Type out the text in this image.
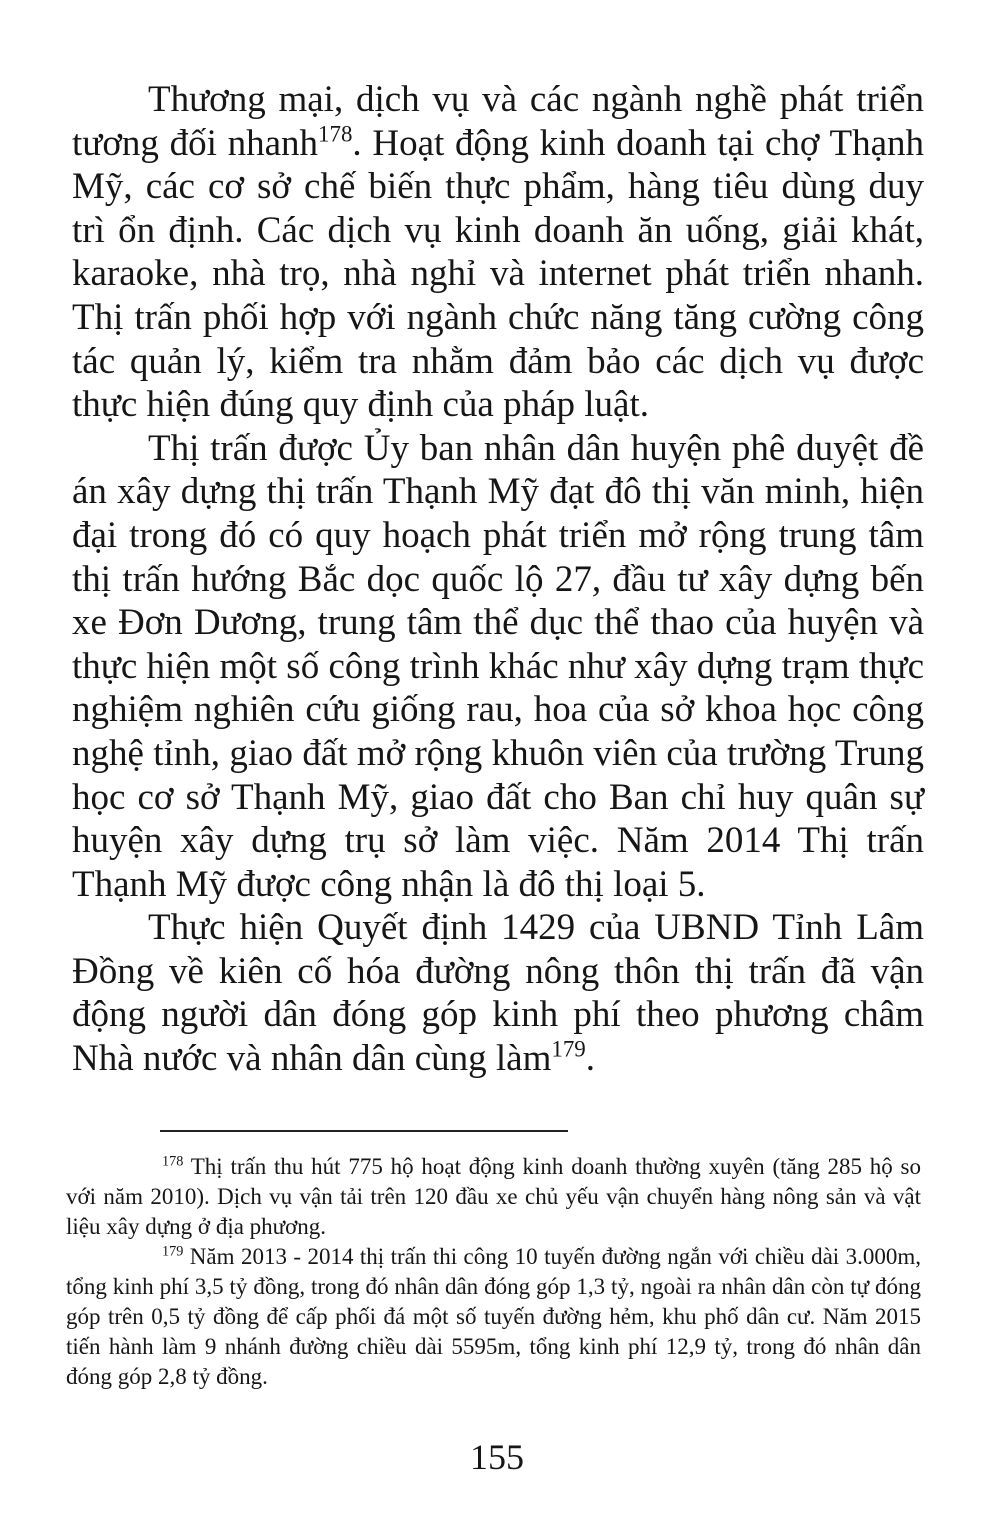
Thương mại, dịch vụ và các ngành nghề phát triển tương đối nhanh$^{178}$. Hoạt động kinh doanh tại chợ Thạnh Mỹ, các cơ sở chế biến thực phẩm, hàng tiêu dùng duy trì ổn định. Các dịch vụ kinh doanh ăn uống, giải khát, karaoke, nhà trọ, nhà nghỉ và internet phát triển nhanh. Thị trấn phối hợp với ngành chức năng tăng cường công tác quản lý, kiểm tra nhằm đảm bảo các dịch vụ được thực hiện đúng quy định của pháp luật.

Thị trấn được Ủy ban nhân dân huyện phê duyệt đề án xây dựng thị trấn Thạnh Mỹ đạt đô thị văn minh, hiện đại trong đó có quy hoạch phát triển mở rộng trung tâm thị trấn hướng Bắc dọc quốc lộ 27, đầu tư xây dựng bến xe Đơn Dương, trung tâm thể dục thể thao của huyện và thực hiện một số công trình khác như xây dựng trạm thực nghiệm nghiên cứu giống rau, hoa của sở khoa học công nghệ tỉnh, giao đất mở rộng khuôn viên của trường Trung học cơ sở Thạnh Mỹ, giao đất cho Ban chỉ huy quân sự huyện xây dựng trụ sở làm việc. Năm 2014 Thị trấn Thạnh Mỹ được công nhận là đô thị loại 5.

Thực hiện Quyết định 1429 của UBND Tỉnh Lâm Đồng về kiên cố hóa đường nông thôn thị trấn đã vận động người dân đóng góp kinh phí theo phương châm Nhà nước và nhân dân cùng làm$^{179}$.

$^{178}$ Thị trấn thu hút 775 hộ hoạt động kinh doanh thường xuyên (tăng 285 hộ so với năm 2010). Dịch vụ vận tải trên 120 đầu xe chủ yếu vận chuyển hàng nông sản và vật liệu xây dựng ở địa phương.

$^{179}$ Năm 2013 - 2014 thị trấn thi công 10 tuyến đường ngắn với chiều dài 3.000m, tổng kinh phí 3,5 tỷ đồng, trong đó nhân dân đóng góp 1,3 tỷ, ngoài ra nhân dân còn tự đóng góp trên 0,5 tỷ đồng để cấp phối đá một số tuyến đường hẻm, khu phố dân cư. Năm 2015 tiến hành làm 9 nhánh đường chiều dài 5595m, tổng kinh phí 12,9 tỷ, trong đó nhân dân đóng góp 2,8 tỷ đồng.

155
